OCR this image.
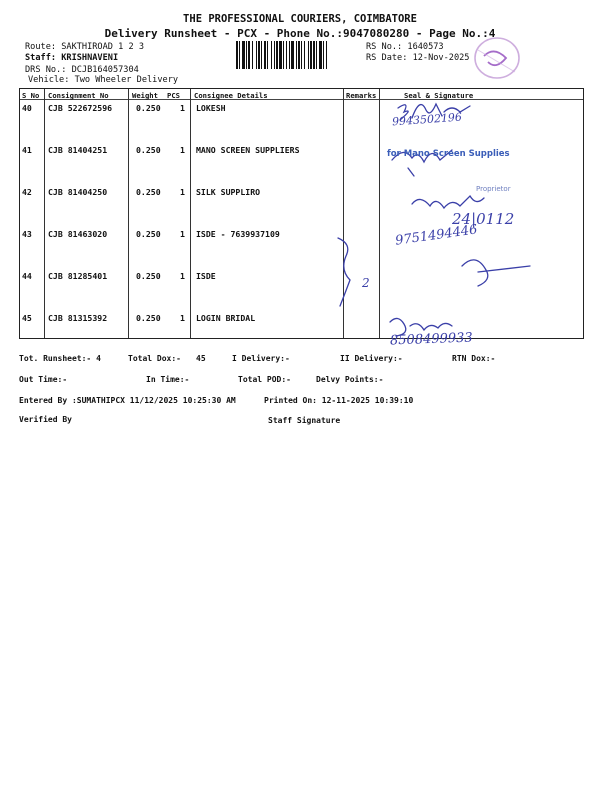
THE PROFESSIONAL COURIERS, COIMBATORE
Delivery Runsheet - PCX - Phone No.:9047080280 - Page No.:4
Route: SAKTHIROAD 1 2 3
Staff: KRISHNAVENI
DRS No.: DCJB164057304
Vehicle: Two Wheeler Delivery
RS No.: 1640573
RS Date: 12-Nov-2025
S No Consignment No	Weight PCS Consignee Details	Remarks	Seal & Signature
40 CJB 522672596	0.250 1 LOKESH
41 CJB 81404251	0.250 1 MANO SCREEN SUPPLIERS
42 CJB 81404250	0.250 1 SILK SUPPLIRO
43 CJB 81463020	0.250 1 ISDE - 7639937109
44 CJB 81285401	0.250 1 ISDE
45 CJB 81315392	0.250 1 LOGIN BRIDAL
9943502196
for Mano Screen Supplies
Proprietor
24|0112
9751494446
2
8508499933
Tot. Runsheet:- 4	Total Dox:- 45	I Delivery:-	II Delivery:-	RTN Dox:-
Out Time:-	In Time:-	Total POD:-	Delvy Points:-
Entered By :SUMATHIPCX 11/12/2025 10:25:30 AM	Printed On: 12-11-2025 10:39:10
Verified By	Staff Signature
